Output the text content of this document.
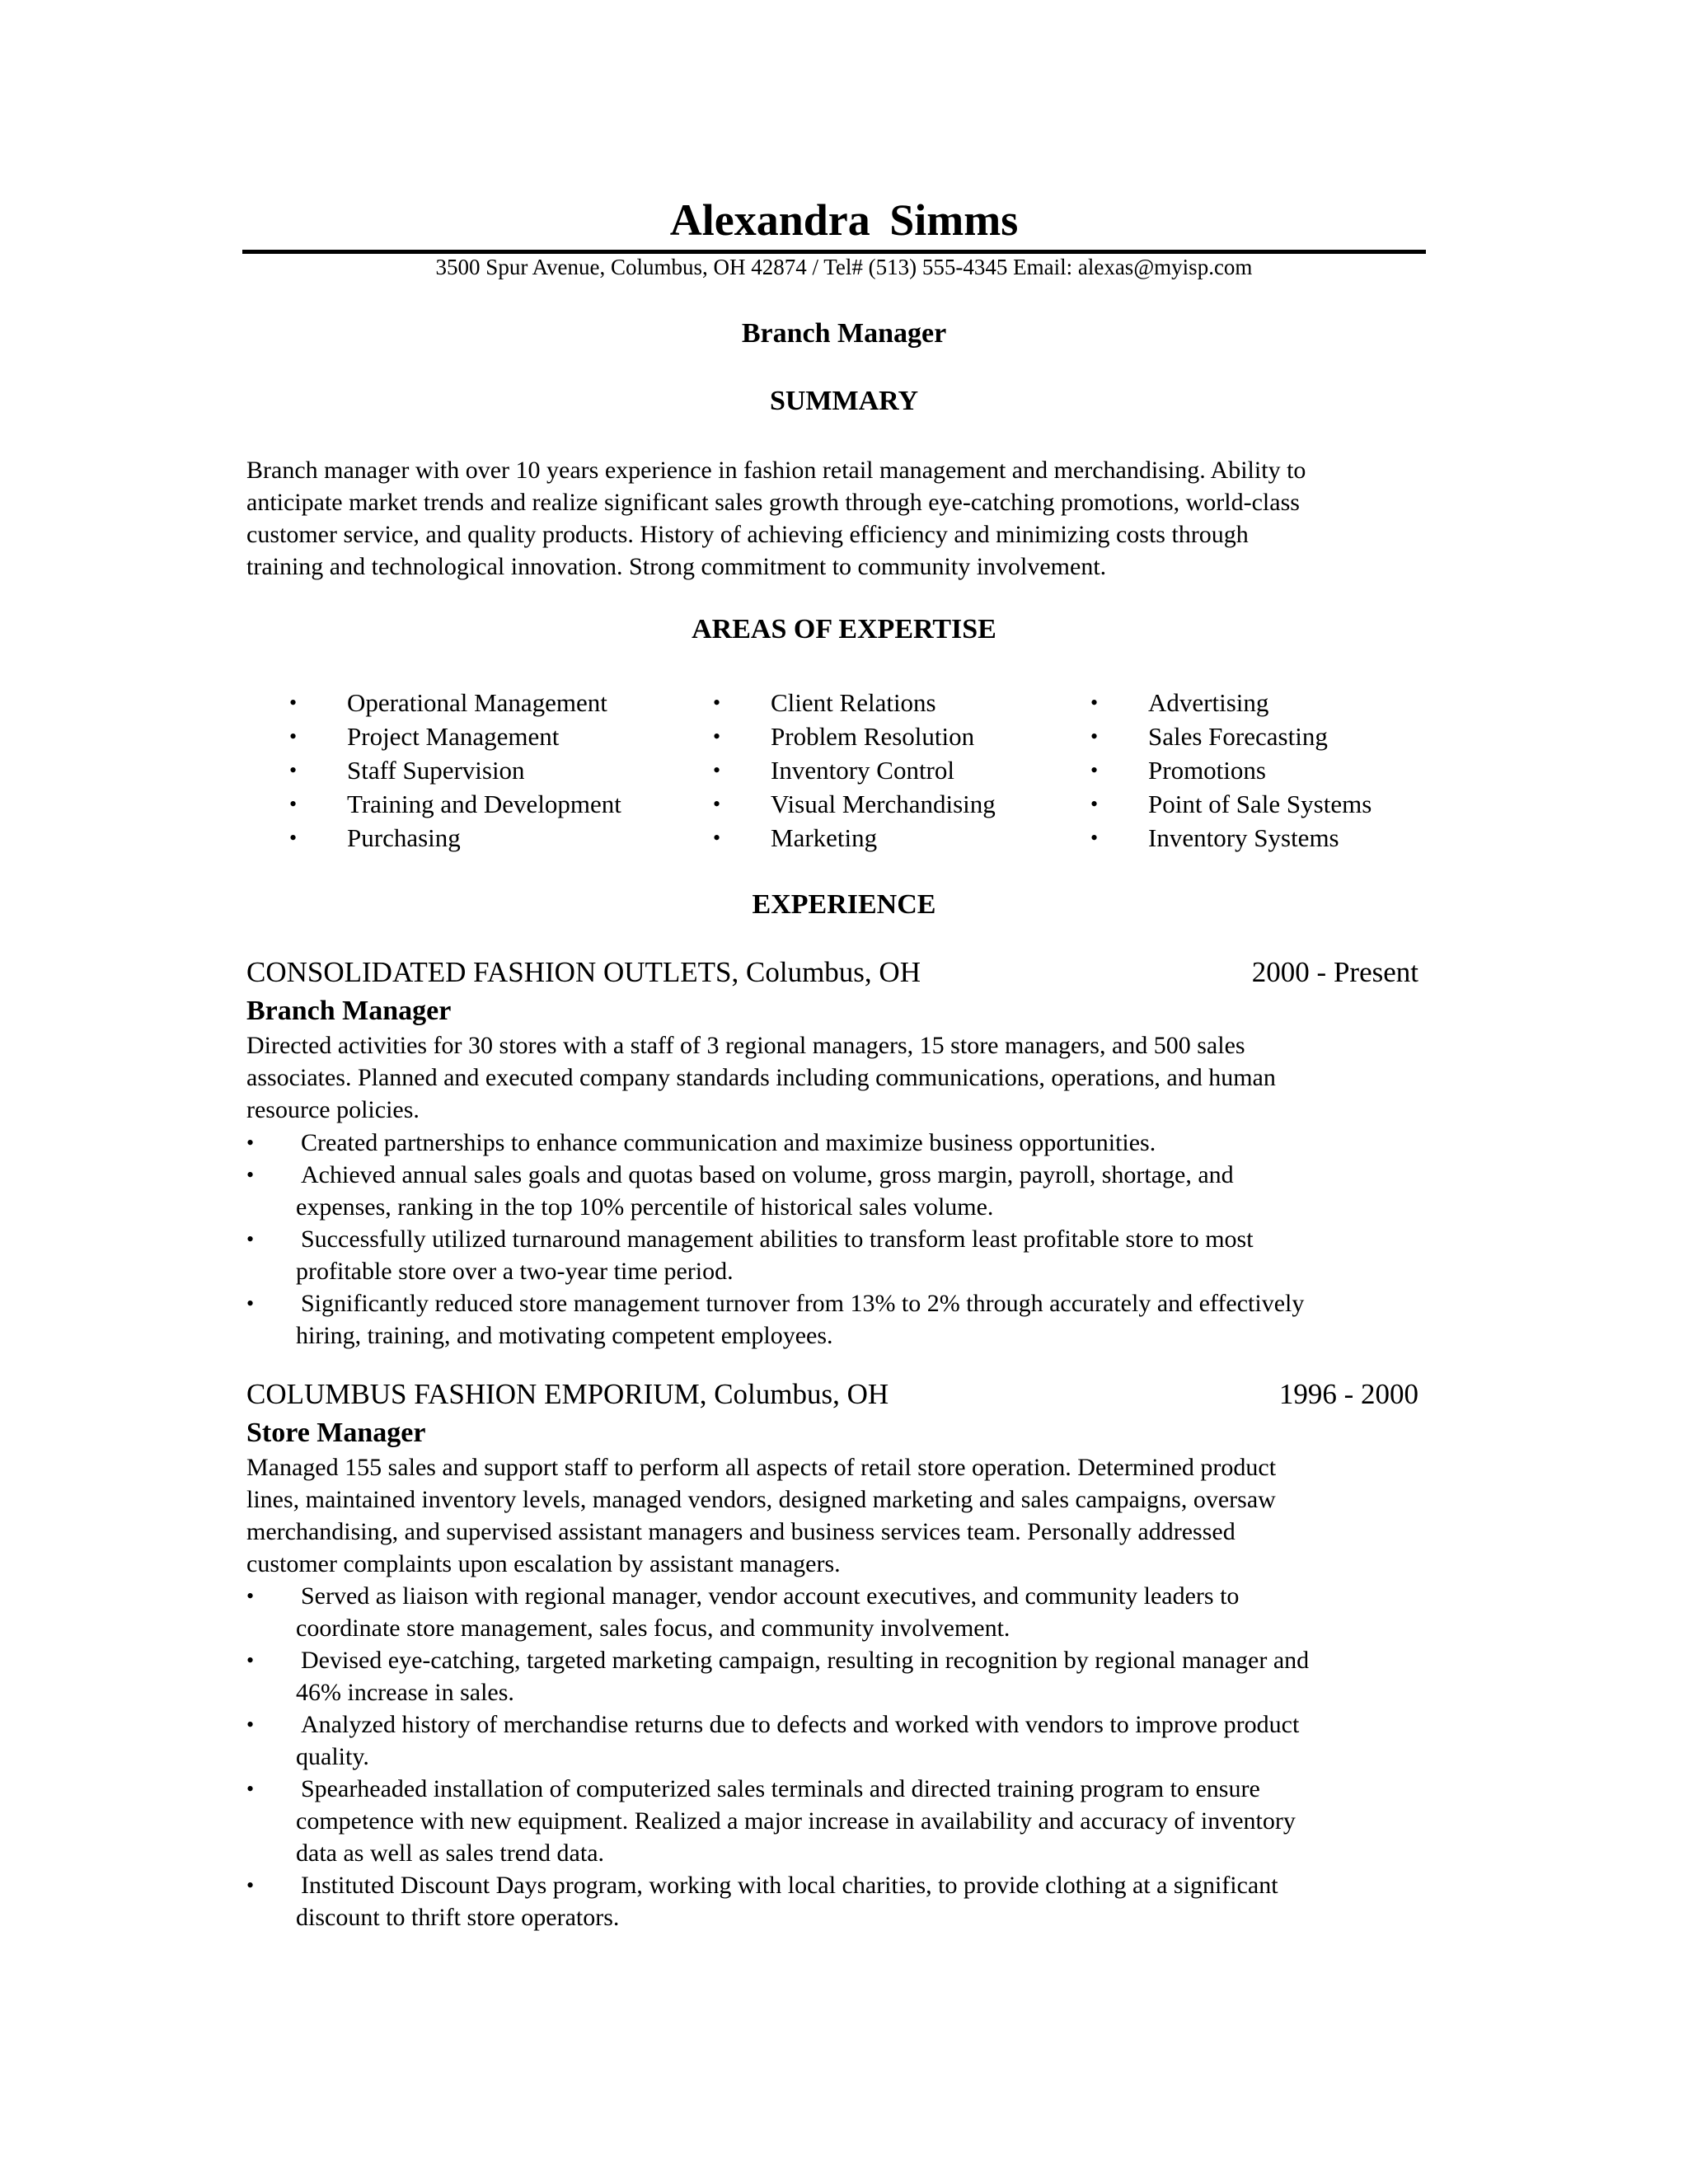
Alexandra Simms
3500 Spur Avenue, Columbus, OH 42874 / Tel# (513) 555-4345 Email: alexas@myisp.com
Branch Manager
SUMMARY
Branch manager with over 10 years experience in fashion retail management and merchandising. Ability to
anticipate market trends and realize significant sales growth through eye-catching promotions, world-class
customer service, and quality products. History of achieving efficiency and minimizing costs through
training and technological innovation. Strong commitment to community involvement.
AREAS OF EXPERTISE
• Operational Management
• Project Management
• Staff Supervision
• Training and Development
• Purchasing
• Client Relations
• Problem Resolution
• Inventory Control
• Visual Merchandising
• Marketing
• Advertising
• Sales Forecasting
• Promotions
• Point of Sale Systems
• Inventory Systems
EXPERIENCE
CONSOLIDATED FASHION OUTLETS, Columbus, OH	2000 - Present
Branch Manager
Directed activities for 30 stores with a staff of 3 regional managers, 15 store managers, and 500 sales
associates. Planned and executed company standards including communications, operations, and human
resource policies.
• Created partnerships to enhance communication and maximize business opportunities.
• Achieved annual sales goals and quotas based on volume, gross margin, payroll, shortage, and
expenses, ranking in the top 10% percentile of historical sales volume.
• Successfully utilized turnaround management abilities to transform least profitable store to most
profitable store over a two-year time period.
• Significantly reduced store management turnover from 13% to 2% through accurately and effectively
hiring, training, and motivating competent employees.
COLUMBUS FASHION EMPORIUM, Columbus, OH	1996 - 2000
Store Manager
Managed 155 sales and support staff to perform all aspects of retail store operation. Determined product
lines, maintained inventory levels, managed vendors, designed marketing and sales campaigns, oversaw
merchandising, and supervised assistant managers and business services team. Personally addressed
customer complaints upon escalation by assistant managers.
• Served as liaison with regional manager, vendor account executives, and community leaders to
coordinate store management, sales focus, and community involvement.
• Devised eye-catching, targeted marketing campaign, resulting in recognition by regional manager and
46% increase in sales.
• Analyzed history of merchandise returns due to defects and worked with vendors to improve product
quality.
• Spearheaded installation of computerized sales terminals and directed training program to ensure
competence with new equipment. Realized a major increase in availability and accuracy of inventory
data as well as sales trend data.
• Instituted Discount Days program, working with local charities, to provide clothing at a significant
discount to thrift store operators.
